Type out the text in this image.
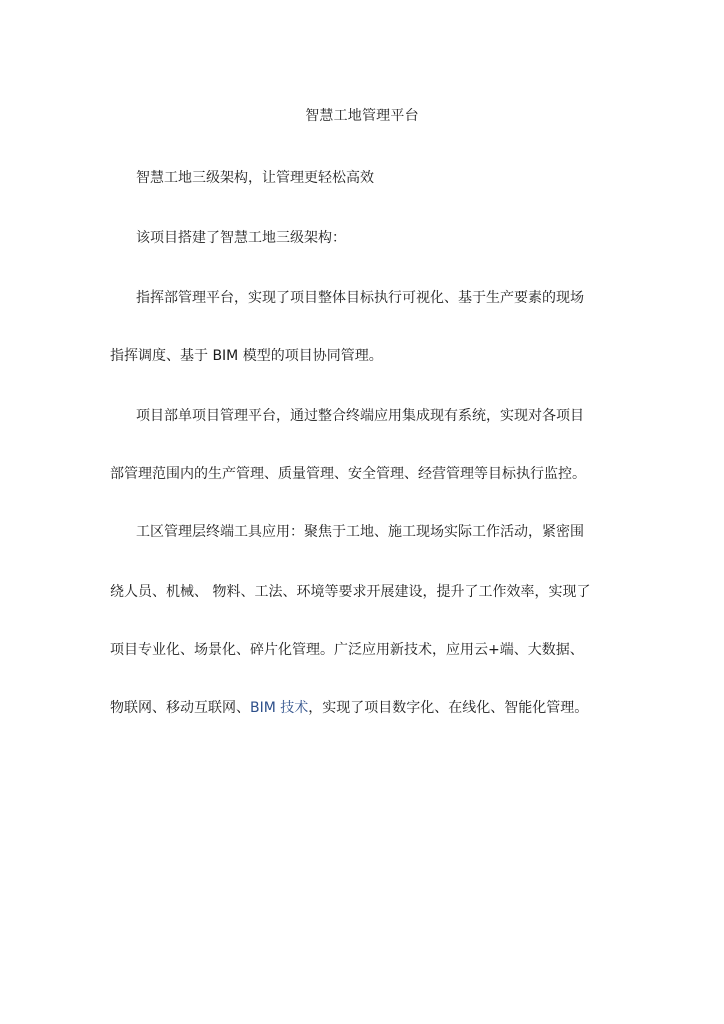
智慧工地管理平台
智慧工地三级架构，让管理更轻松高效
该项目搭建了智慧工地三级架构：
指挥部管理平台，实现了项目整体目标执行可视化、基于生产要素的现场
指挥调度、基于 BIM 模型的项目协同管理。
项目部单项目管理平台，通过整合终端应用集成现有系统，实现对各项目
部管理范围内的生产管理、质量管理、安全管理、经营管理等目标执行监控。
工区管理层终端工具应用：聚焦于工地、施工现场实际工作活动，紧密围
绕人员、机械、 物料、工法、环境等要求开展建设，提升了工作效率，实现了
项目专业化、场景化、碎片化管理。广泛应用新技术，应用云+端、大数据、
物联网、移动互联网、BIM 技术，实现了项目数字化、在线化、智能化管理。
